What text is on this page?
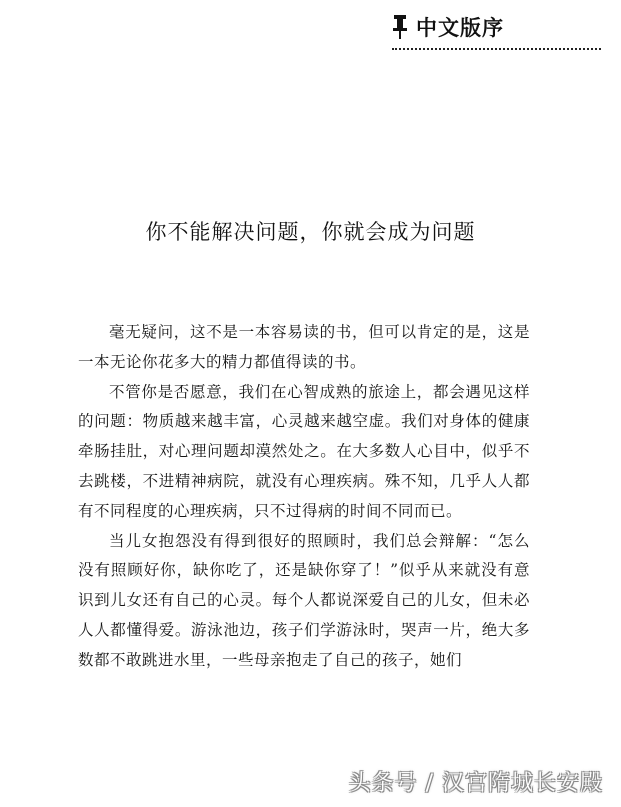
中文版序
你不能解决问题，你就会成为问题

毫无疑问，这不是一本容易读的书，但可以肯定的是，这是一本无论你花多大的精力都值得读的书。

不管你是否愿意，我们在心智成熟的旅途上，都会遇见这样的问题：物质越来越丰富，心灵越来越空虚。我们对身体的健康牵肠挂肚，对心理问题却漠然处之。在大多数人心目中，似乎不去跳楼，不进精神病院，就没有心理疾病。殊不知，几乎人人都有不同程度的心理疾病，只不过得病的时间不同而已。

当儿女抱怨没有得到很好的照顾时，我们总会辩解：“怎么没有照顾好你，缺你吃了，还是缺你穿了！”似乎从来就没有意识到儿女还有自己的心灵。每个人都说深爱自己的儿女，但未必人人都懂得爱。游泳池边，孩子们学游泳时，哭声一片，绝大多数都不敢跳进水里，一些母亲抱走了自己的孩子，她们

头条号 / 汉宫隋城长安殿
